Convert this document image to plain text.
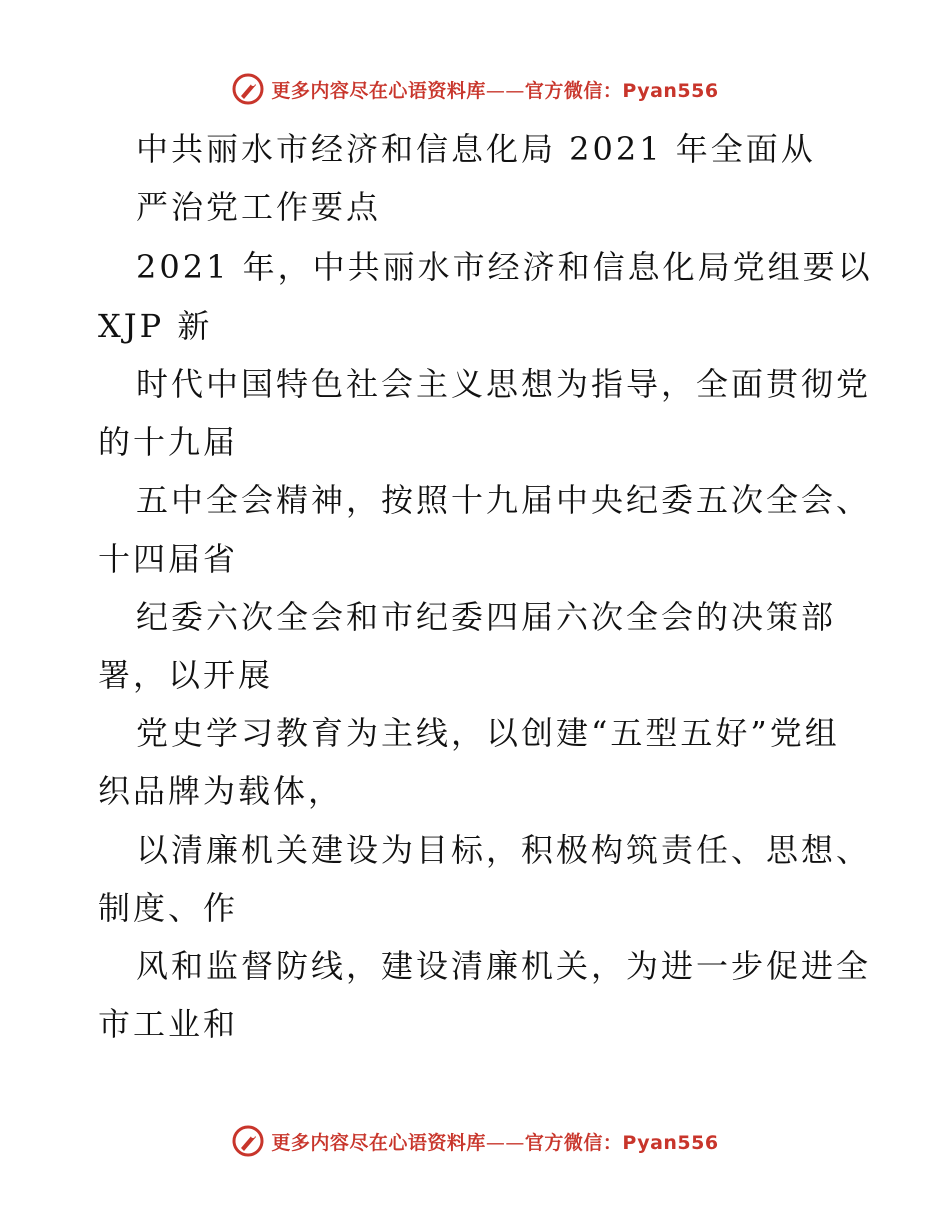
更多内容尽在心语资料库——官方微信：Pyan556
中共丽水市经济和信息化局 2021 年全面从
严治党工作要点
2021 年，中共丽水市经济和信息化局党组要以
XJP 新
时代中国特色社会主义思想为指导，全面贯彻党
的十九届
五中全会精神，按照十九届中央纪委五次全会、
十四届省
纪委六次全会和市纪委四届六次全会的决策部
署，以开展
党史学习教育为主线，以创建“五型五好”党组
织品牌为载体，
以清廉机关建设为目标，积极构筑责任、思想、
制度、作
风和监督防线，建设清廉机关，为进一步促进全
市工业和
更多内容尽在心语资料库——官方微信：Pyan556
